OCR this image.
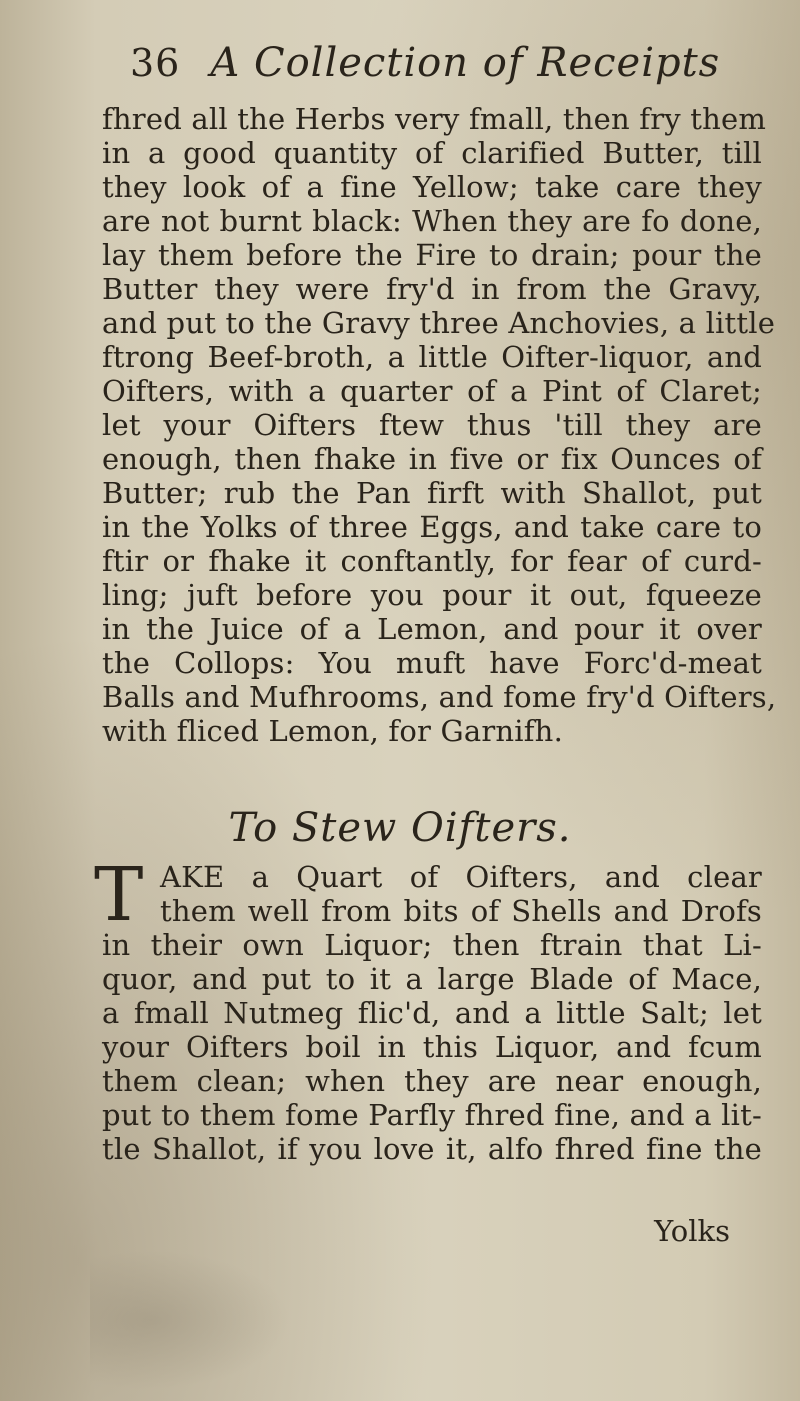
36 A Collection of Receipts
fhred all the Herbs very fmall, then fry them
in a good quantity of clarified Butter, till
they look of a fine Yellow; take care they
are not burnt black: When they are fo done,
lay them before the Fire to drain; pour the
Butter they were fry'd in from the Gravy,
and put to the Gravy three Anchovies, a little
ftrong Beef-broth, a little Oifter-liquor, and
Oifters, with a quarter of a Pint of Claret;
let your Oifters ftew thus 'till they are
enough, then fhake in five or fix Ounces of
Butter; rub the Pan firft with Shallot, put
in the Yolks of three Eggs, and take care to
ftir or fhake it conftantly, for fear of curd-
ling; juft before you pour it out, fqueeze
in the Juice of a Lemon, and pour it over
the Collops: You muft have Forc'd-meat
Balls and Mufhrooms, and fome fry'd Oifters,
with fliced Lemon, for Garnifh.
To Stew Oifters.
T AKE a Quart of Oifters, and clear
them well from bits of Shells and Drofs
in their own Liquor; then ftrain that Li-
quor, and put to it a large Blade of Mace,
a fmall Nutmeg flic'd, and a little Salt; let
your Oifters boil in this Liquor, and fcum
them clean; when they are near enough,
put to them fome Parfly fhred fine, and a lit-
tle Shallot, if you love it, alfo fhred fine the
Yolks
